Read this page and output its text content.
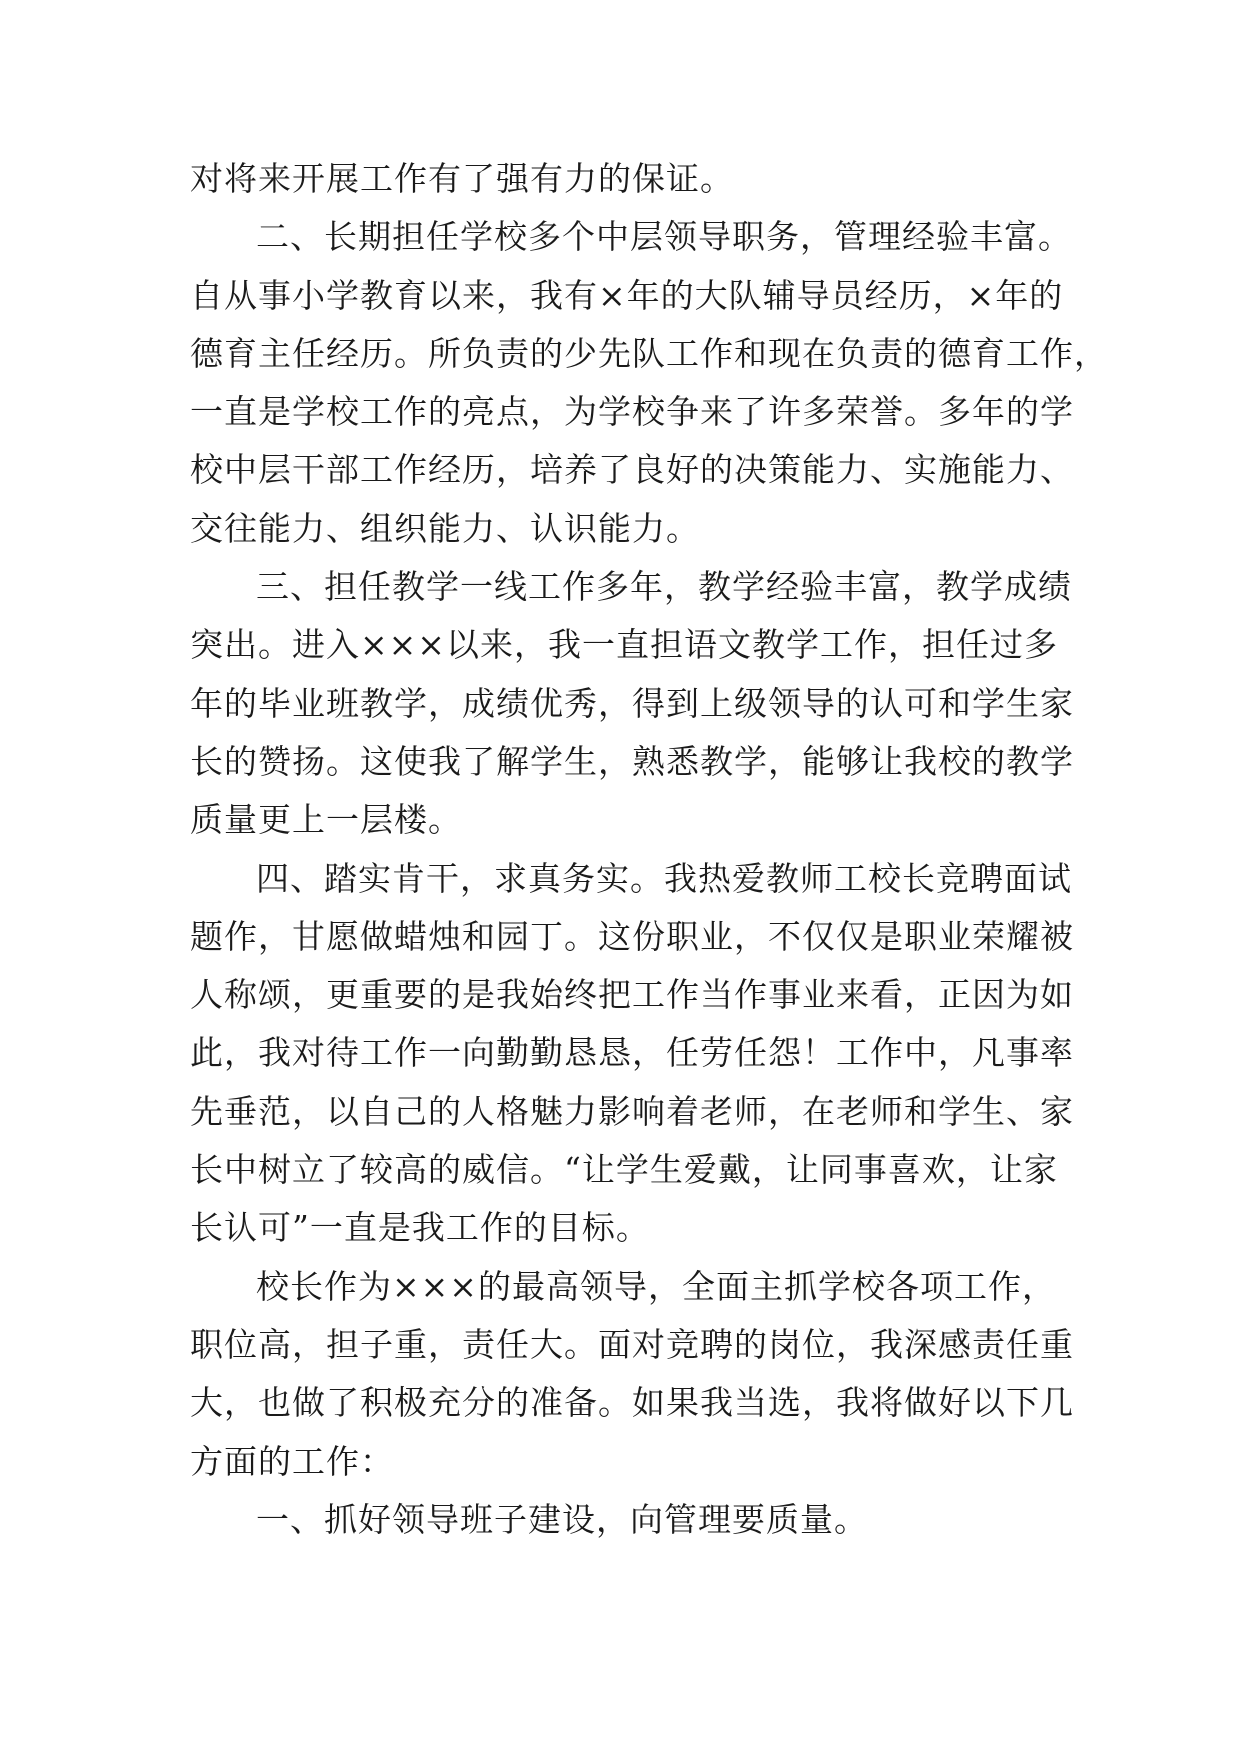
对将来开展工作有了强有力的保证。
二、长期担任学校多个中层领导职务，管理经验丰富。
自从事小学教育以来，我有×年的大队辅导员经历，×年的
德育主任经历。所负责的少先队工作和现在负责的德育工作，
一直是学校工作的亮点，为学校争来了许多荣誉。多年的学
校中层干部工作经历，培养了良好的决策能力、实施能力、
交往能力、组织能力、认识能力。
三、担任教学一线工作多年，教学经验丰富，教学成绩
突出。进入×××以来，我一直担语文教学工作，担任过多
年的毕业班教学，成绩优秀，得到上级领导的认可和学生家
长的赞扬。这使我了解学生，熟悉教学，能够让我校的教学
质量更上一层楼。
四、踏实肯干，求真务实。我热爱教师工校长竞聘面试
题作，甘愿做蜡烛和园丁。这份职业，不仅仅是职业荣耀被
人称颂，更重要的是我始终把工作当作事业来看，正因为如
此，我对待工作一向勤勤恳恳，任劳任怨！工作中，凡事率
先垂范，以自己的人格魅力影响着老师，在老师和学生、家
长中树立了较高的威信。“让学生爱戴，让同事喜欢，让家
长认可”一直是我工作的目标。
校长作为×××的最高领导，全面主抓学校各项工作，
职位高，担子重，责任大。面对竞聘的岗位，我深感责任重
大，也做了积极充分的准备。如果我当选，我将做好以下几
方面的工作：
一、抓好领导班子建设，向管理要质量。
